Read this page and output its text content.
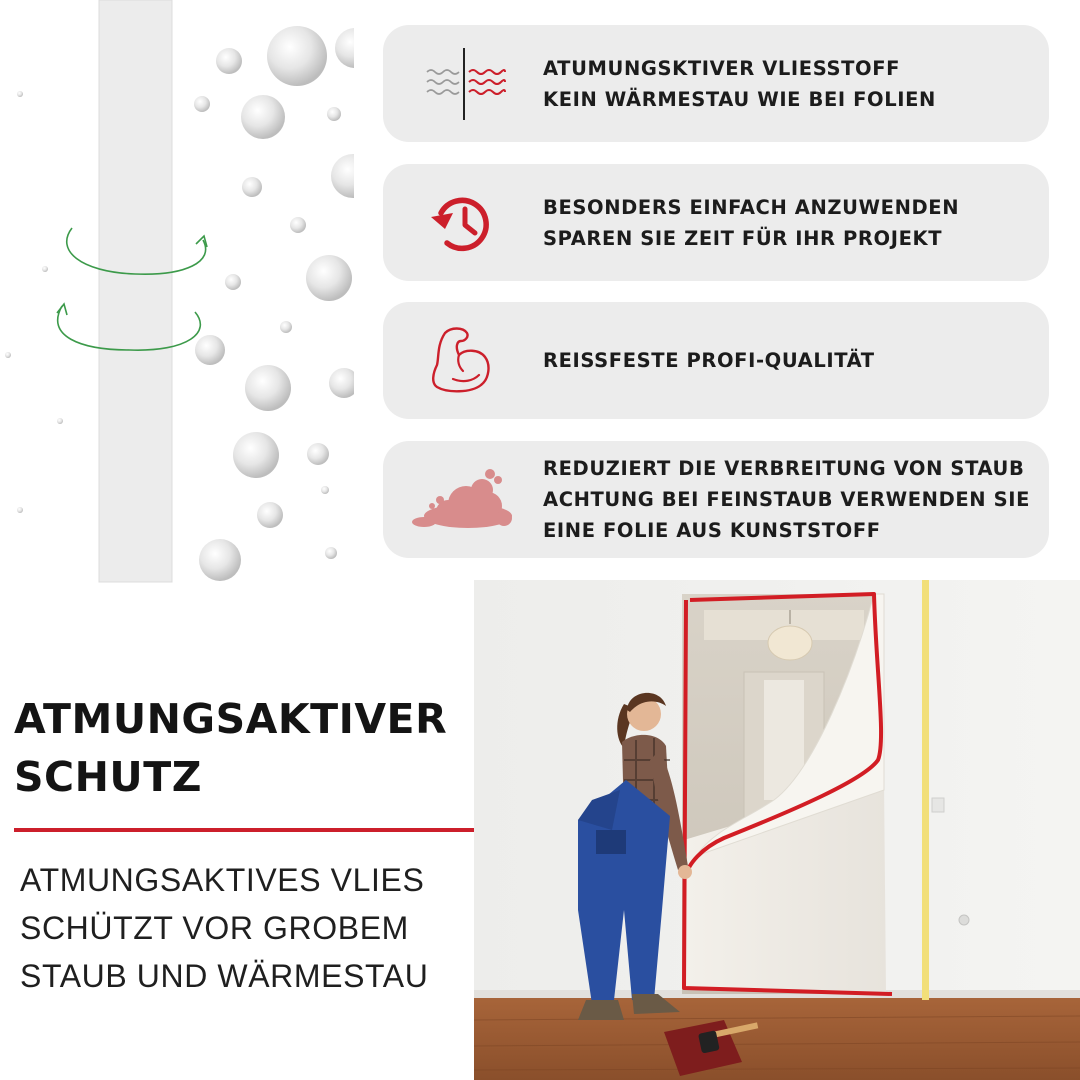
ATUMUNGSKTIVER VLIESSTOFF
KEIN WÄRMESTAU WIE BEI FOLIEN
BESONDERS EINFACH ANZUWENDEN
SPAREN SIE ZEIT FÜR IHR PROJEKT
REISSFESTE PROFI-QUALITÄT
REDUZIERT DIE VERBREITUNG VON STAUB
ACHTUNG BEI FEINSTAUB VERWENDEN SIE
EINE FOLIE AUS KUNSTSTOFF
ATMUNGSAKTIVER
SCHUTZ
ATMUNGSAKTIVES VLIES
SCHÜTZT VOR GROBEM
STAUB UND WÄRMESTAU
